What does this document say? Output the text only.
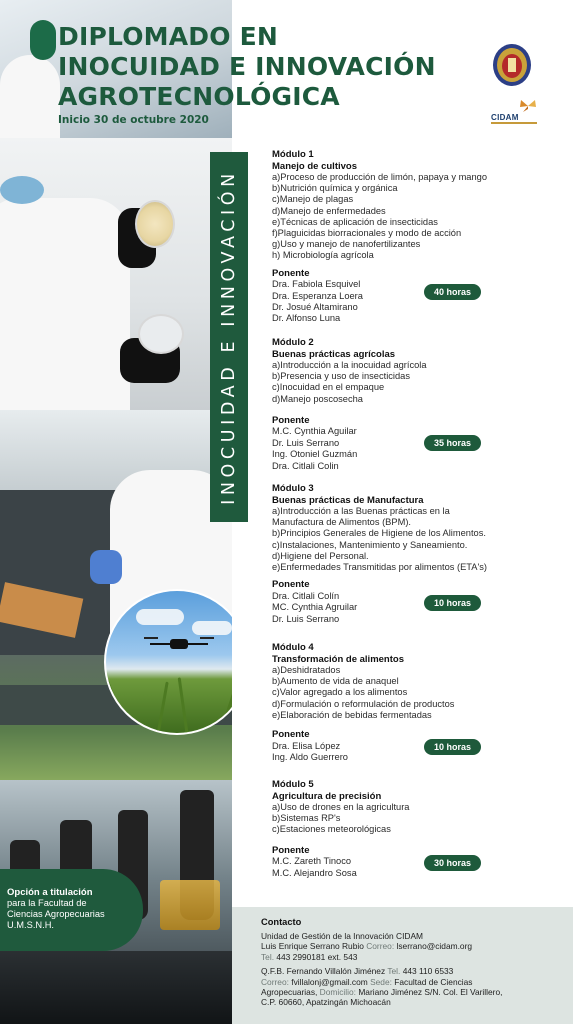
DIPLOMADO EN
INOCUIDAD E INNOVACIÓN
AGROTECNOLÓGICA
Inicio 30 de octubre 2020	CIDAM
INOCUIDAD E INNOVACIÓN
Módulo 1
Manejo de cultivos
a)Proceso de producción de limón, papaya y mango
b)Nutrición química y orgánica
c)Manejo de plagas
d)Manejo de enfermedades
e)Técnicas de aplicación de insecticidas
f)Plaguicidas biorracionales y modo de acción
g)Uso y manejo de nanofertilizantes
h) Microbiología agrícola
Ponente
Dra. Fabiola Esquivel
Dra. Esperanza Loera
Dr. Josué Altamirano
Dr. Alfonso Luna
40 horas
Módulo 2
Buenas prácticas agrícolas
a)Introducción a la inocuidad agrícola
b)Presencia y uso de insecticidas
c)Inocuidad en el empaque
d)Manejo poscosecha
Ponente
M.C. Cynthia Aguilar
Dr. Luis Serrano
Ing. Otoniel Guzmán
Dra. Citlali Colin
35 horas
Módulo 3
Buenas prácticas de Manufactura
a)Introducción a las Buenas prácticas en la
Manufactura de Alimentos (BPM).
b)Principios Generales de Higiene de los Alimentos.
c)Instalaciones, Mantenimiento y Saneamiento.
d)Higiene del Personal.
e)Enfermedades Transmitidas por alimentos (ETA's)
Ponente
Dra. Citlali Colín
MC. Cynthia Agruilar
Dr. Luis Serrano
10 horas
Módulo 4
Transformación de alimentos
a)Deshidratados
b)Aumento de vida de anaquel
c)Valor agregado a los alimentos
d)Formulación o reformulación de productos
e)Elaboración de bebidas fermentadas
Ponente
Dra. Elisa López
Ing. Aldo Guerrero
10 horas
Módulo 5
Agricultura de precisión
a)Uso de drones en la agricultura
b)Sistemas RP's
c)Estaciones meteorológicas
Ponente
M.C. Zareth Tinoco
M.C. Alejandro Sosa
30 horas
Opción a titulación
para la Facultad de
Ciencias Agropecuarias
U.M.S.N.H.	Contacto
Unidad de Gestión de la Innovación CIDAM
Luis Enrique Serrano Rubio Correo: lserrano@cidam.org
Tel. 443 2990181 ext. 543
Q.F.B. Fernando Villalón Jiménez Tel. 443 110 6533
Correo: fvillalonj@gmail.com Sede: Facultad de Ciencias
Agropecuarias, Domicilio: Mariano Jiménez S/N. Col. El Varillero,
C.P. 60660, Apatzingán Michoacán
